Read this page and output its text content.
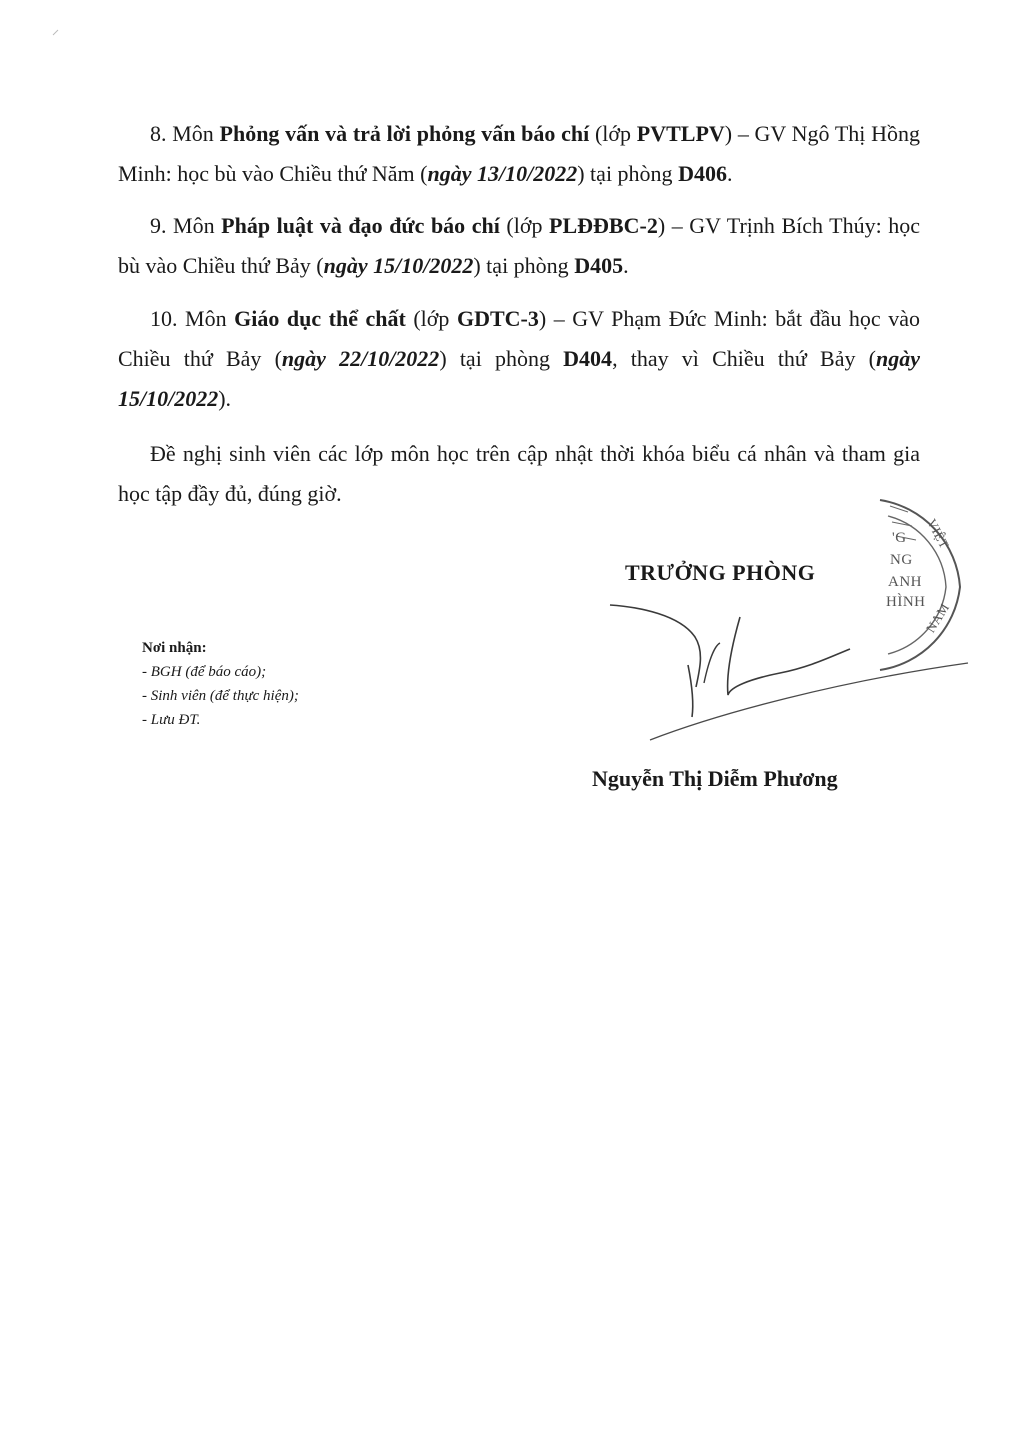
8. Môn Phỏng vấn và trả lời phỏng vấn báo chí (lớp PVTLPV) – GV Ngô Thị Hồng Minh: học bù vào Chiều thứ Năm (ngày 13/10/2022) tại phòng D406.

9. Môn Pháp luật và đạo đức báo chí (lớp PLĐĐBC-2) – GV Trịnh Bích Thúy: học bù vào Chiều thứ Bảy (ngày 15/10/2022) tại phòng D405.

10. Môn Giáo dục thể chất (lớp GDTC-3) – GV Phạm Đức Minh: bắt đầu học vào Chiều thứ Bảy (ngày 22/10/2022) tại phòng D404, thay vì Chiều thứ Bảy (ngày 15/10/2022).

Đề nghị sinh viên các lớp môn học trên cập nhật thời khóa biểu cá nhân và tham gia học tập đầy đủ, đúng giờ.

TRƯỞNG PHÒNG

VIỆT
NAM
'G
NG
ANH
HÌNH

Nguyễn Thị Diễm Phương

Nơi nhận:
- BGH (để báo cáo);
- Sinh viên (để thực hiện);
- Lưu ĐT.
